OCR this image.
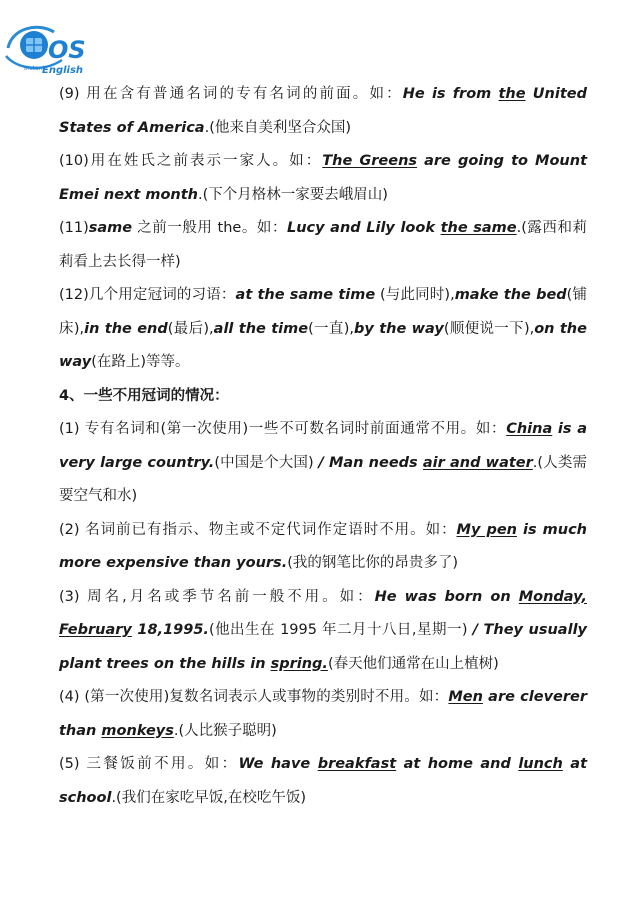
OS
Instant
English

(9) 用在含有普通名词的专有名词的前面。如：He is from the United States of America.(他来自美利坚合众国)

(10)用在姓氏之前表示一家人。如：The Greens are going to Mount Emei next month.(下个月格林一家要去峨眉山)

(11)same 之前一般用 the。如：Lucy and Lily look the same.(露西和莉莉看上去长得一样)

(12)几个用定冠词的习语：at the same time (与此同时),make the bed(铺床),in the end(最后),all the time(一直),by the way(顺便说一下),on the way(在路上)等等。

4、一些不用冠词的情况：

(1) 专有名词和(第一次使用)一些不可数名词时前面通常不用。如：China is a very large country.(中国是个大国) / Man needs air and water.(人类需要空气和水)

(2) 名词前已有指示、物主或不定代词作定语时不用。如：My pen is much more expensive than yours.(我的钢笔比你的昂贵多了)

(3) 周名,月名或季节名前一般不用。如：He was born on Monday, February 18,1995.(他出生在 1995 年二月十八日,星期一) / They usually plant trees on the hills in spring.(春天他们通常在山上植树)

(4) (第一次使用)复数名词表示人或事物的类别时不用。如：Men are cleverer than monkeys.(人比猴子聪明)

(5) 三餐饭前不用。如：We have breakfast at home and lunch at school.(我们在家吃早饭,在校吃午饭)
